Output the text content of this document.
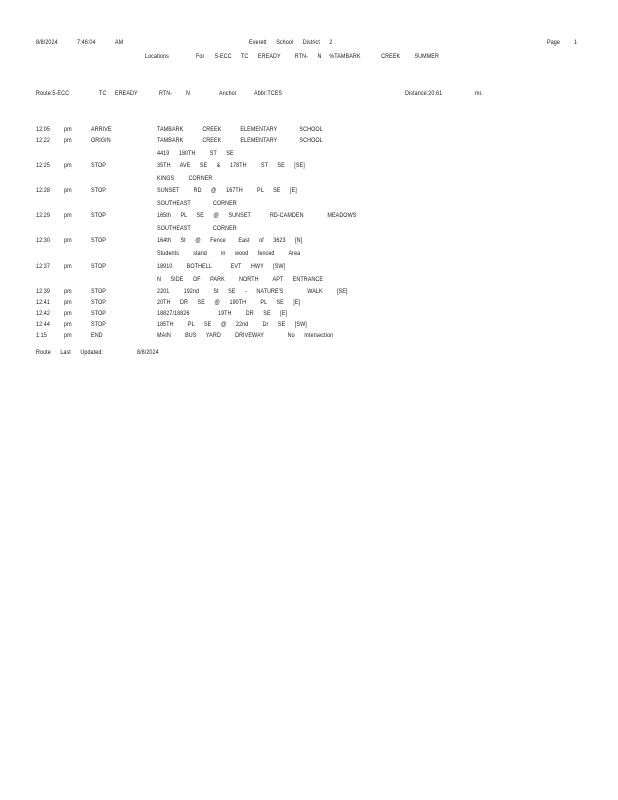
8/8/2024	7:46:04	AM	Everett      School      District      2	Page 1
Locations	For 5-ECC      TC      EREADY         RTN-      N     %TAMBARK             CREEK         SUMMER
Route:5-ECC	TC EREADY	RTN- N	Anchor	Abbr:TCES	Distance:20.61	mi.
12:05 pm	ARRIVE	TAMBARK            CREEK            ELEMENTARY              SCHOOL
12:22 pm	ORIGIN	TAMBARK            CREEK            ELEMENTARY              SCHOOL
4419      180TH         ST      SE
12:25 pm	STOP	35TH      AVE      SE      &      178TH         ST      SE      [SE]
KINGS         CORNER
12:28 pm	STOP	SUNSET         RD      @      167TH         PL      SE      [E]
SOUTHEAST              CORNER
12:29 pm	STOP	165th      PL      SE      @      SUNSET            RD-CAMDEN               MEADOWS
SOUTHEAST              CORNER
12:30 pm	STOP	164th      St      @      Fence        East      of      3623      [N]
Students         stand         in      wood      fenced         Area
12:37 pm	STOP	18910         BOTHELL            EVT      HWY      [SW]
N      SIDE      OF      PARK         NORTH         APT      ENTRANCE
12:39 pm	STOP	2201         192nd         St      SE      -      NATURE'S               WALK         [SE]
12:41 pm	STOP	20TH      DR      SE      @      190TH         PL      SE      [E]
12:42 pm	STOP	18827/18826                  19TH         DR      SE      [E]
12:44 pm	STOP	185TH         PL      SE      @      22nd         Dr      SE      [SW]
1:15	pm	END	MAIN         BUS      YARD         DRIVEWAY               No      Intersection
Route      Last      Updated:	8/8/2024
